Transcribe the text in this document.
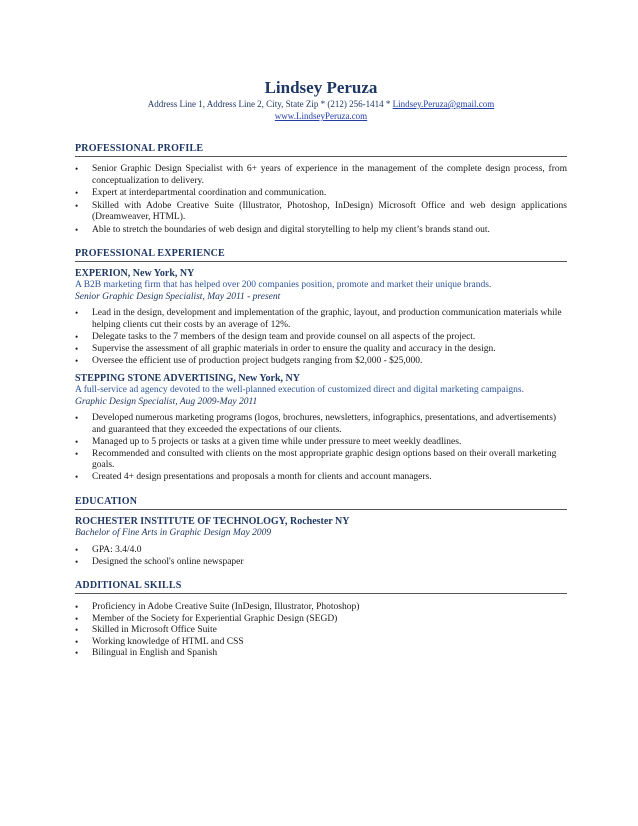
Lindsey Peruza
Address Line 1, Address Line 2, City, State Zip * (212) 256-1414 * Lindsey.Peruza@gmail.com
www.LindseyPeruza.com
PROFESSIONAL PROFILE
• Senior Graphic Design Specialist with 6+ years of experience in the management of the complete design process, from conceptualization to delivery.
• Expert at interdepartmental coordination and communication.
• Skilled with Adobe Creative Suite (Illustrator, Photoshop, InDesign) Microsoft Office and web design applications (Dreamweaver, HTML).
• Able to stretch the boundaries of web design and digital storytelling to help my client’s brands stand out.
PROFESSIONAL EXPERIENCE
EXPERION, New York, NY
A B2B marketing firm that has helped over 200 companies position, promote and market their unique brands.
Senior Graphic Design Specialist, May 2011 - present
• Lead in the design, development and implementation of the graphic, layout, and production communication materials while helping clients cut their costs by an average of 12%.
• Delegate tasks to the 7 members of the design team and provide counsel on all aspects of the project.
• Supervise the assessment of all graphic materials in order to ensure the quality and accuracy in the design.
• Oversee the efficient use of production project budgets ranging from $2,000 - $25,000.
STEPPING STONE ADVERTISING, New York, NY
A full-service ad agency devoted to the well-planned execution of customized direct and digital marketing campaigns.
Graphic Design Specialist, Aug 2009-May 2011
• Developed numerous marketing programs (logos, brochures, newsletters, infographics, presentations, and advertisements) and guaranteed that they exceeded the expectations of our clients.
• Managed up to 5 projects or tasks at a given time while under pressure to meet weekly deadlines.
• Recommended and consulted with clients on the most appropriate graphic design options based on their overall marketing goals.
• Created 4+ design presentations and proposals a month for clients and account managers.
EDUCATION
ROCHESTER INSTITUTE OF TECHNOLOGY, Rochester NY
Bachelor of Fine Arts in Graphic Design May 2009
• GPA: 3.4/4.0
• Designed the school's online newspaper
ADDITIONAL SKILLS
• Proficiency in Adobe Creative Suite (InDesign, Illustrator, Photoshop)
• Member of the Society for Experiential Graphic Design (SEGD)
• Skilled in Microsoft Office Suite
• Working knowledge of HTML and CSS
• Bilingual in English and Spanish
